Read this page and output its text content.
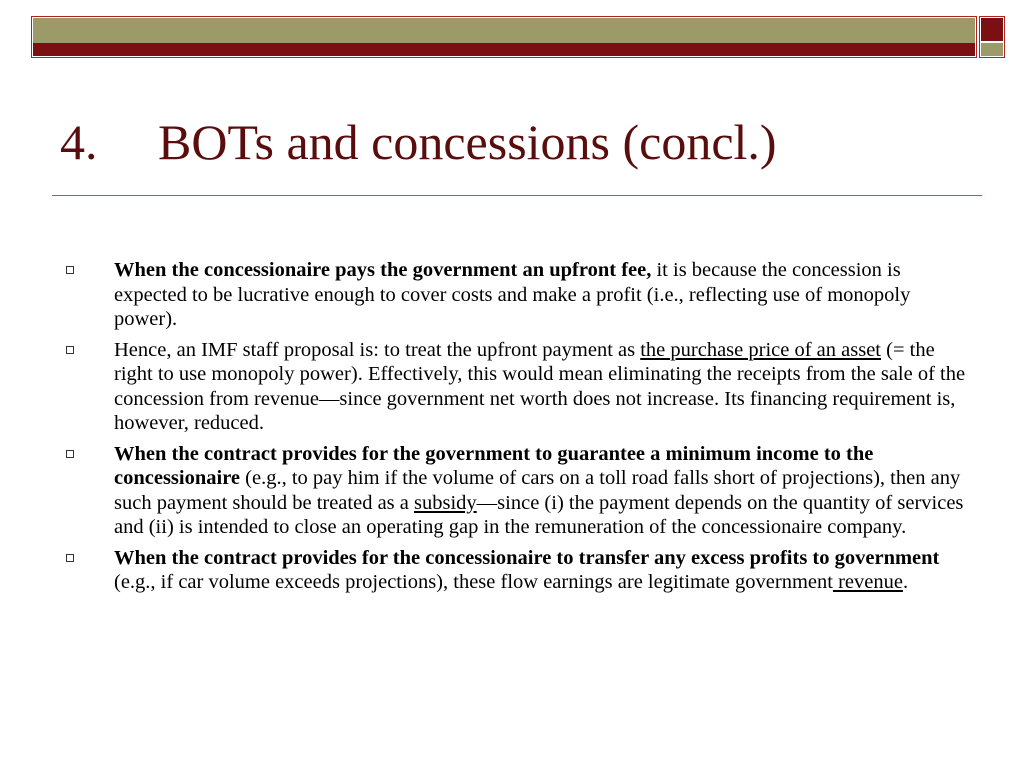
4. BOTs and concessions (concl.)
When the concessionaire pays the government an upfront fee, it is because the concession is expected to be lucrative enough to cover costs and make a profit (i.e., reflecting use of monopoly power).
Hence, an IMF staff proposal is: to treat the upfront payment as the purchase price of an asset (= the right to use monopoly power). Effectively, this would mean eliminating the receipts from the sale of the concession from revenue—since government net worth does not increase. Its financing requirement is, however, reduced.
When the contract provides for the government to guarantee a minimum income to the concessionaire (e.g., to pay him if the volume of cars on a toll road falls short of projections), then any such payment should be treated as a subsidy—since (i) the payment depends on the quantity of services and (ii) is intended to close an operating gap in the remuneration of the concessionaire company.
When the contract provides for the concessionaire to transfer any excess profits to government (e.g., if car volume exceeds projections), these flow earnings are legitimate government revenue.
